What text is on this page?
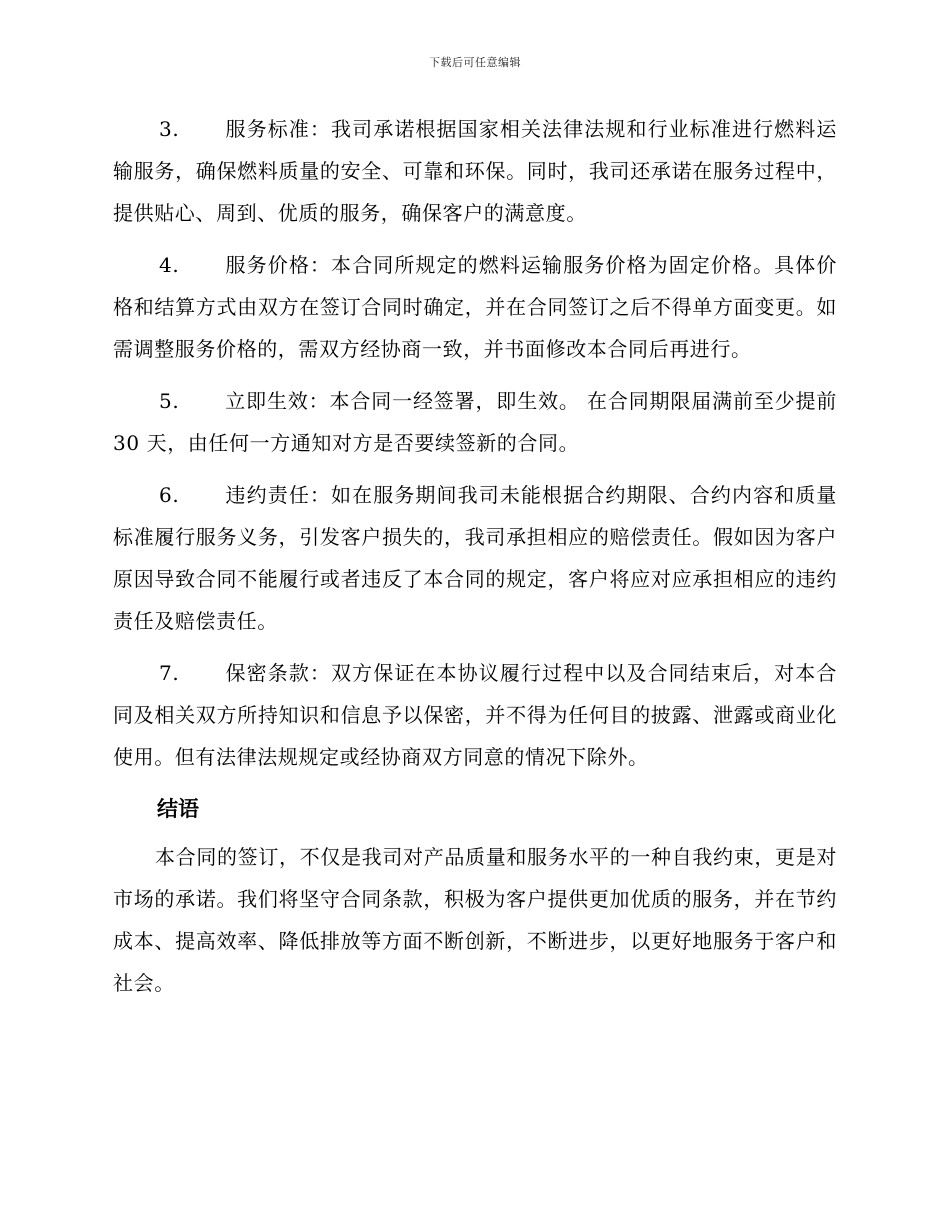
下载后可任意编辑

3. 服务标准：我司承诺根据国家相关法律法规和行业标准进行燃料运输服务，确保燃料质量的安全、可靠和环保。同时，我司还承诺在服务过程中，提供贴心、周到、优质的服务，确保客户的满意度。

4. 服务价格：本合同所规定的燃料运输服务价格为固定价格。具体价格和结算方式由双方在签订合同时确定，并在合同签订之后不得单方面变更。如需调整服务价格的，需双方经协商一致，并书面修改本合同后再进行。

5. 立即生效：本合同一经签署，即生效。 在合同期限届满前至少提前 30 天，由任何一方通知对方是否要续签新的合同。

6. 违约责任：如在服务期间我司未能根据合约期限、合约内容和质量标准履行服务义务，引发客户损失的，我司承担相应的赔偿责任。假如因为客户原因导致合同不能履行或者违反了本合同的规定，客户将应对应承担相应的违约责任及赔偿责任。

7. 保密条款：双方保证在本协议履行过程中以及合同结束后，对本合同及相关双方所持知识和信息予以保密，并不得为任何目的披露、泄露或商业化使用。但有法律法规规定或经协商双方同意的情况下除外。

结语

本合同的签订，不仅是我司对产品质量和服务水平的一种自我约束，更是对市场的承诺。我们将坚守合同条款，积极为客户提供更加优质的服务，并在节约成本、提高效率、降低排放等方面不断创新，不断进步，以更好地服务于客户和社会。
